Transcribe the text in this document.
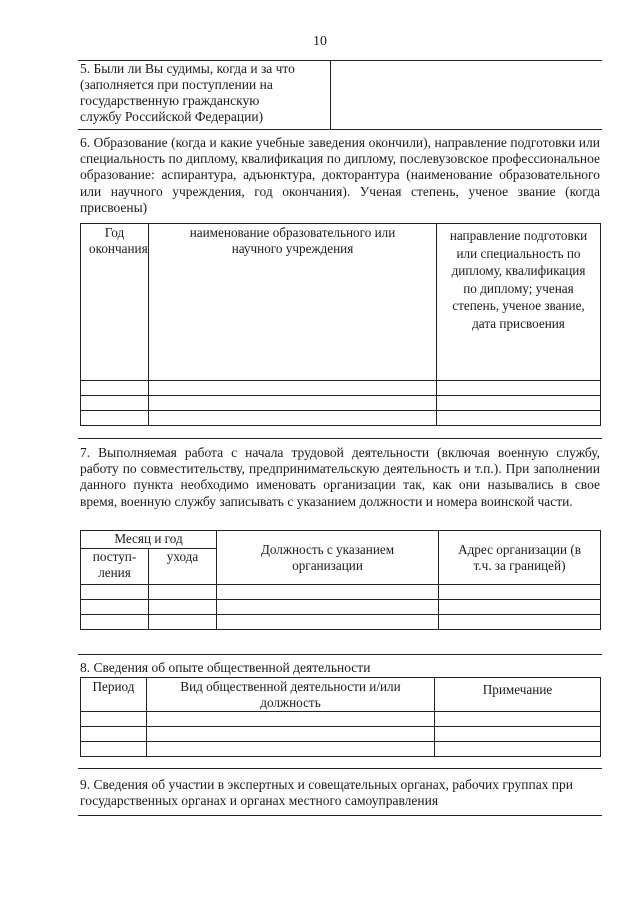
10
5. Были ли Вы судимы, когда и за что
(заполняется при поступлении на
государственную гражданскую
службу Российской Федерации)
6. Образование (когда и какие учебные заведения окончили), направление подготовки или специальность по диплому, квалификация по диплому, послевузовское профессиональное образование: аспирантура, адъюнктура, докторантура (наименование образовательного или научного учреждения, год окончания). Ученая степень, ученое звание (когда присвоены)
Год окончания	наименование образовательного или научного учреждения	направление подготовки или специальность по диплому, квалификация по диплому; ученая степень, ученое звание, дата присвоения

7. Выполняемая работа с начала трудовой деятельности (включая военную службу, работу по совместительству, предпринимательскую деятельность и т.п.). При заполнении данного пункта необходимо именовать организации так, как они назывались в свое время, военную службу записывать с указанием должности и номера воинской части.
Месяц и год		Должность с указанием организации	Адрес организации (в т.ч. за границей)

поступ-ления	ухода		

8. Сведения об опыте общественной деятельности
Период	Вид общественной деятельности и/или должность	Примечание

9. Сведения об участии в экспертных и совещательных органах, рабочих группах при государственных органах и органах местного самоуправления
